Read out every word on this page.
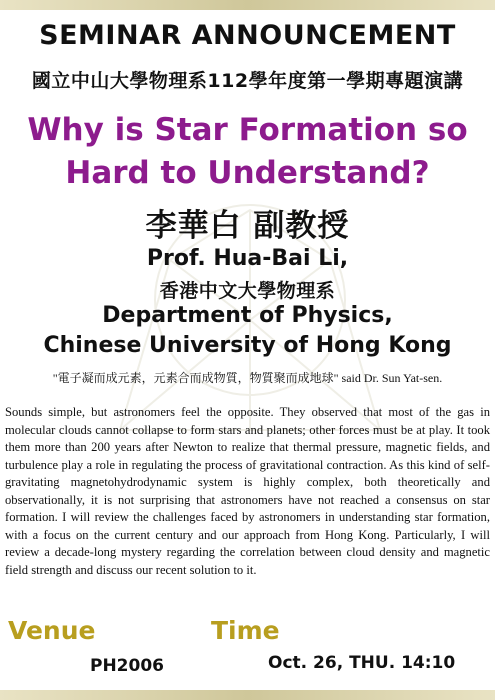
SEMINAR ANNOUNCEMENT
國立中山大學物理系112學年度第一學期專題演講
Why is Star Formation so
Hard to Understand?
李華白 副教授
Prof. Hua-Bai Li,
香港中文大學物理系
Department of Physics,
Chinese University of Hong Kong
"電子凝而成元素，元素合而成物質，物質聚而成地球" said Dr. Sun Yat-sen.
Sounds simple, but astronomers feel the opposite. They observed that most of the gas in molecular clouds cannot collapse to form stars and planets; other forces must be at play. It took them more than 200 years after Newton to realize that thermal pressure, magnetic fields, and turbulence play a role in regulating the process of gravitational contraction. As this kind of self-gravitating magnetohydrodynamic system is highly complex, both theoretically and observationally, it is not surprising that astronomers have not reached a consensus on star formation. I will review the challenges faced by astronomers in understanding star formation, with a focus on the current century and our approach from Hong Kong. Particularly, I will review a decade-long mystery regarding the correlation between cloud density and magnetic field strength and discuss our recent solution to it.
Venue	Time
PH2006	Oct. 26, THU. 14:10
